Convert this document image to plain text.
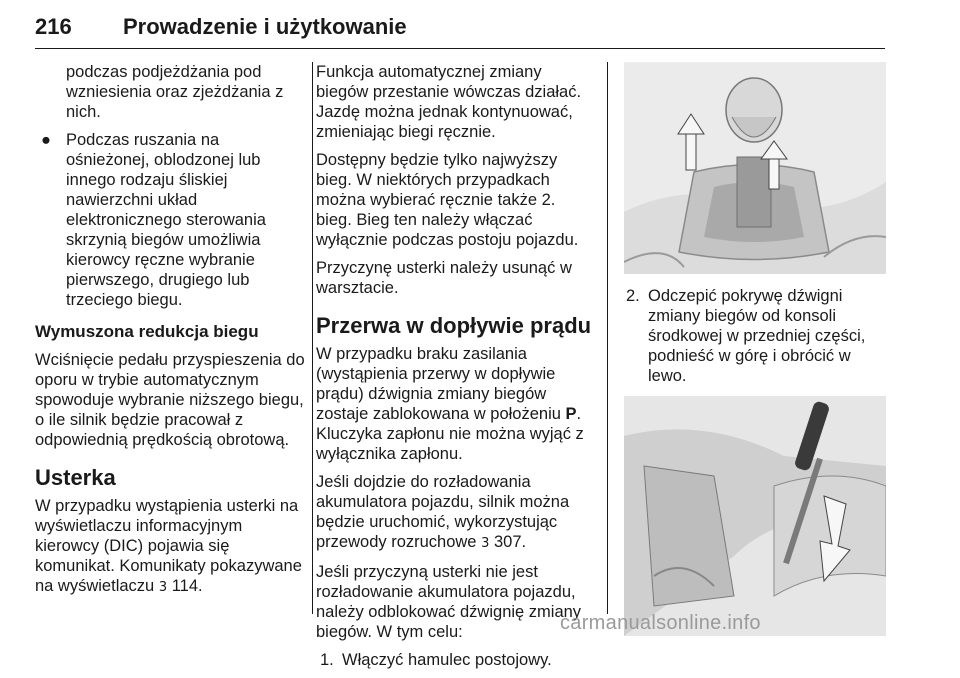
216 Prowadzenie i użytkowanie

podczas podjeżdżania pod wzniesienia oraz zjeżdżania z nich.

● Podczas ruszania na ośnieżonej, oblodzonej lub innego rodzaju śliskiej nawierzchni układ elektronicznego sterowania skrzynią biegów umożliwia kierowcy ręczne wybranie pierwszego, drugiego lub trzeciego biegu.
Wymuszona redukcja biegu

Wciśnięcie pedału przyspieszenia do oporu w trybie automatycznym spowoduje wybranie niższego biegu, o ile silnik będzie pracował z odpowiednią prędkością obrotową.

Usterka

W przypadku wystąpienia usterki na wyświetlaczu informacyjnym kierowcy (DIC) pojawia się komunikat. Komunikaty pokazywane na wyświetlaczu 3 114.

Funkcja automatycznej zmiany biegów przestanie wówczas działać. Jazdę można jednak kontynuować, zmieniając biegi ręcznie.

Dostępny będzie tylko najwyższy bieg. W niektórych przypadkach można wybierać ręcznie także 2. bieg. Bieg ten należy włączać wyłącznie podczas postoju pojazdu.

Przyczynę usterki należy usunąć w warsztacie.

Przerwa w dopływie prądu

W przypadku braku zasilania (wystąpienia przerwy w dopływie prądu) dźwignia zmiany biegów zostaje zablokowana w położeniu P. Kluczyka zapłonu nie można wyjąć z wyłącznika zapłonu.

Jeśli dojdzie do rozładowania akumulatora pojazdu, silnik można będzie uruchomić, wykorzystując przewody rozruchowe 3 307.

Jeśli przyczyną usterki nie jest rozładowanie akumulatora pojazdu, należy odblokować dźwignię zmiany biegów. W tym celu:

1. Włączyć hamulec postojowy.
2. Odczepić pokrywę dźwigni zmiany biegów od konsoli środkowej w przedniej części, podnieść w górę i obrócić w lewo.
carmanualsonline.info
